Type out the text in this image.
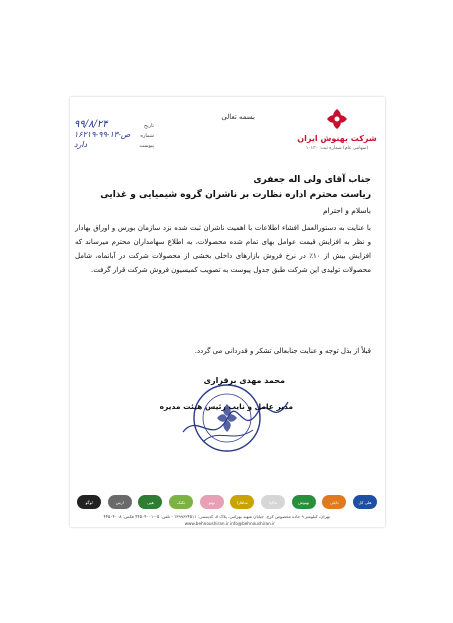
شرکت بهنوش ایران
(سهامی عام) شماره ثبت: ۱۰۱۳۰
بسمه تعالی
تاریخ
۹۹/۸/۲۴
شماره
۱۶۲۱۹-ص-۱۳-۹۹
پیوست
دارد
جناب آقای ولی اله جعفری
ریاست محترم اداره نظارت بر ناشران گروه شیمیایی و غذایی
باسلام و احترام
با عنایت به دستورالعمل افشاء اطلاعات با اهمیت ناشران ثبت شده نزد سازمان بورس و اوراق بهادار و نظر به افزایش قیمت عوامل بهای تمام شده محصولات، به اطلاع سهامداران محترم میرساند که افزایش بیش از ۱۰٪ در نرخ فروش بازارهای داخلی بخشی از محصولات شرکت در آبانماه، شامل محصولات تولیدی این شرکت طبق جدول پیوست به تصویب کمیسیون فروش شرکت قرار گرفت.
قبلاً از بذل توجه و عنایت جنابعالی تشکر و قدردانی می گردد.
محمد مهدی برقراری
مدیر عامل و نایب رئیس هیئت مدیره
هلی کل
دایلی
بهنوش
ماکیا
ساهارا
بهتو
تکتک
هپی
ارس
لوگو
تهران، کیلومتر ۹ جاده مخصوص کرج، خیابان شهید بهرامی، پلاک ۸، کدپستی: ۱۳۹۹۶۳۴۵۱۱ - تلفن: ۰۵-۴۴۵۰۴۰۰۱ فکس: ۴۴۵۰۴۰۰۸
www.behnoushiran.ir info@behnoushiran.ir
